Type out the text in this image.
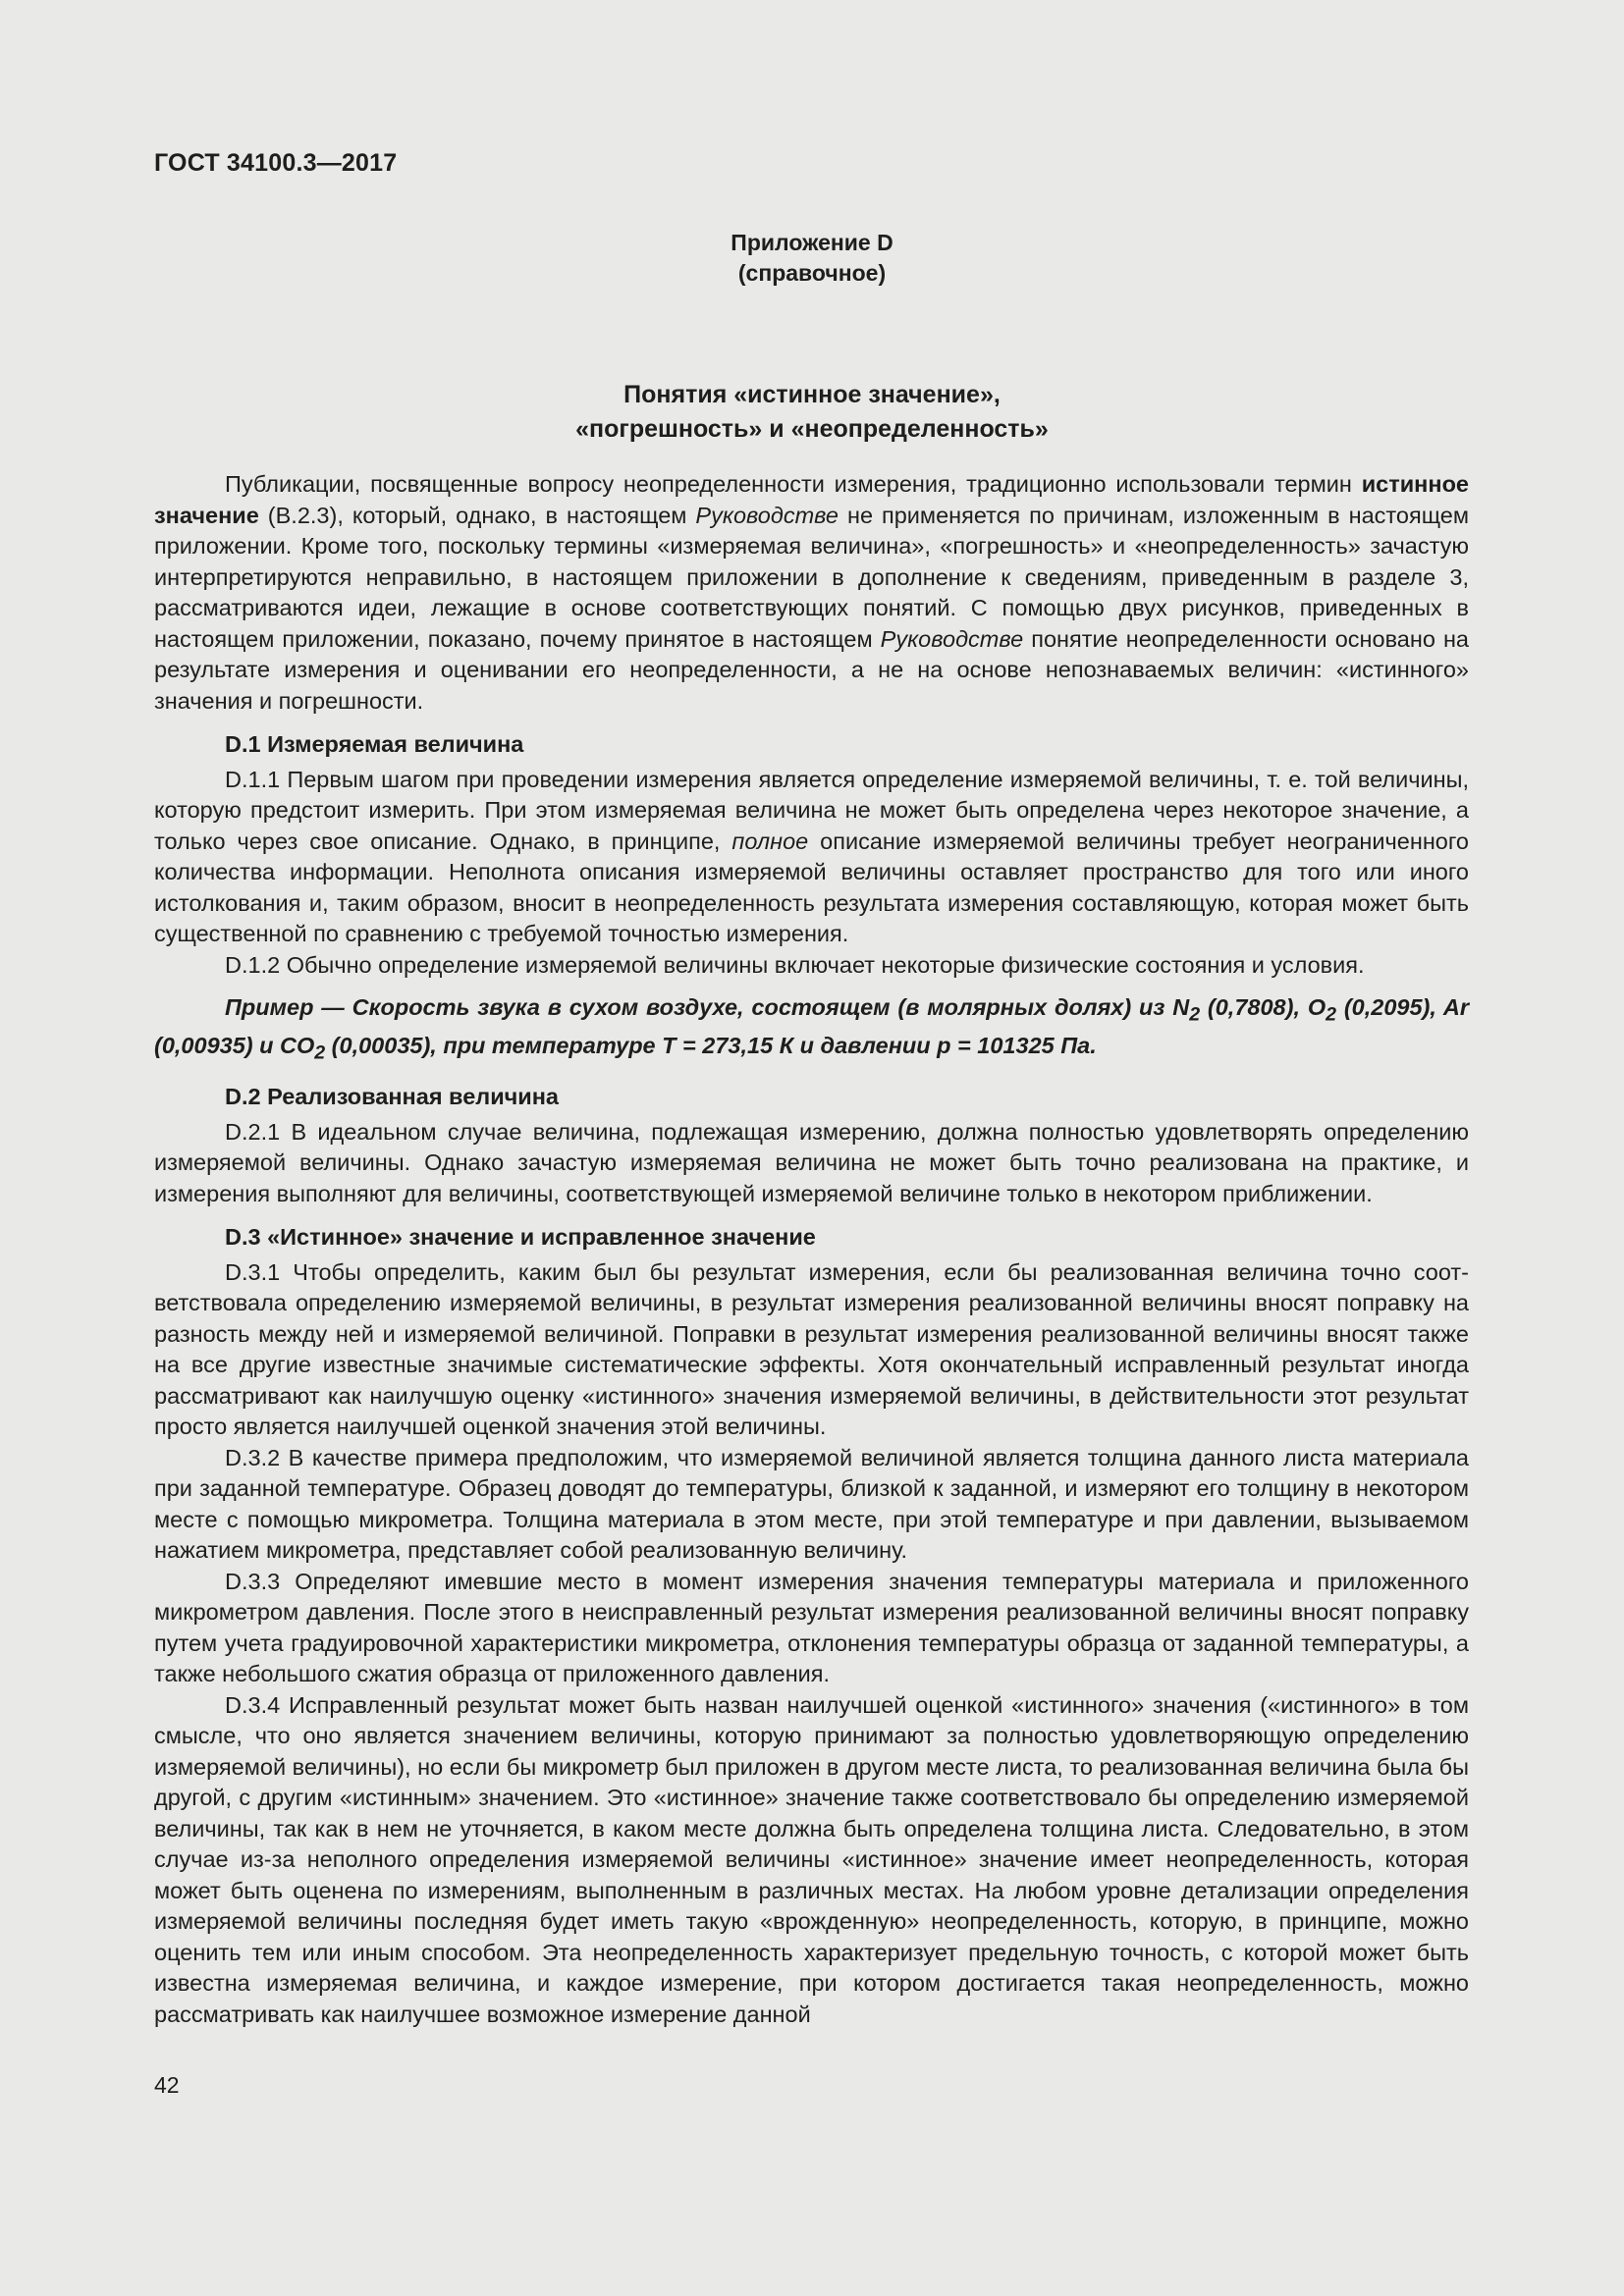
ГОСТ 34100.3—2017
Приложение D
(справочное)
Понятия «истинное значение»,
«погрешность» и «неопределенность»

Публикации, посвященные вопросу неопределенности измерения, традиционно использовали термин истинное значение (В.2.3), который, однако, в настоящем Руководстве не применяется по причинам, изложенным в настоящем приложении. Кроме того, поскольку термины «измеряемая величина», «погрешность» и «неопределенность» зачастую интерпретируются неправильно, в настоящем приложении в дополнение к сведениям, приведенным в разделе 3, рассматриваются идеи, лежащие в основе соответствующих понятий. С помощью двух рисунков, приведенных в настоящем приложении, показано, почему принятое в настоящем Руководстве понятие неопределенности основано на результате измерения и оценивании его неопределенности, а не на основе непознаваемых величин: «истинного» значения и погрешности.

D.1 Измеряемая величина

D.1.1 Первым шагом при проведении измерения является определение измеряемой величины, т. е. той величины, которую предстоит измерить. При этом измеряемая величина не может быть определена через некоторое значение, а только через свое описание. Однако, в принципе, полное описание измеряемой величины требует неограниченного количества информации. Неполнота описания измеряемой величины оставляет пространство для того или иного истолкования и, таким образом, вносит в неопределенность результата измерения составляющую, которая может быть существенной по сравнению с требуемой точностью измерения.

D.1.2 Обычно определение измеряемой величины включает некоторые физические состояния и условия.

Пример — Скорость звука в сухом воздухе, состоящем (в молярных долях) из $N_2$ (0,7808), $O_2$ (0,2095), Ar (0,00935) и $CO_2$ (0,00035), при температуре T = 273,15 К и давлении p = 101325 Па.

D.2 Реализованная величина

D.2.1 В идеальном случае величина, подлежащая измерению, должна полностью удовлетворять определению измеряемой величины. Однако зачастую измеряемая величина не может быть точно реализована на практике, и измерения выполняют для величины, соответствующей измеряемой величине только в некотором приближении.

D.3 «Истинное» значение и исправленное значение

D.3.1 Чтобы определить, каким был бы результат измерения, если бы реализованная величина точно соответствовала определению измеряемой величины, в результат измерения реализованной величины вносят поправку на разность между ней и измеряемой величиной. Поправки в результат измерения реализованной величины вносят также на все другие известные значимые систематические эффекты. Хотя окончательный исправленный результат иногда рассматривают как наилучшую оценку «истинного» значения измеряемой величины, в действительности этот результат просто является наилучшей оценкой значения этой величины.

D.3.2 В качестве примера предположим, что измеряемой величиной является толщина данного листа материала при заданной температуре. Образец доводят до температуры, близкой к заданной, и измеряют его толщину в некотором месте с помощью микрометра. Толщина материала в этом месте, при этой температуре и при давлении, вызываемом нажатием микрометра, представляет собой реализованную величину.

D.3.3 Определяют имевшие место в момент измерения значения температуры материала и приложенного микрометром давления. После этого в неисправленный результат измерения реализованной величины вносят поправку путем учета градуировочной характеристики микрометра, отклонения температуры образца от заданной температуры, а также небольшого сжатия образца от приложенного давления.

D.3.4 Исправленный результат может быть назван наилучшей оценкой «истинного» значения («истинного» в том смысле, что оно является значением величины, которую принимают за полностью удовлетворяющую определению измеряемой величины), но если бы микрометр был приложен в другом месте листа, то реализованная величина была бы другой, с другим «истинным» значением. Это «истинное» значение также соответствовало бы определению измеряемой величины, так как в нем не уточняется, в каком месте должна быть определена толщина листа. Следовательно, в этом случае из-за неполного определения измеряемой величины «истинное» значение имеет неопределенность, которая может быть оценена по измерениям, выполненным в различных местах. На любом уровне детализации определения измеряемой величины последняя будет иметь такую «врожденную» неопределенность, которую, в принципе, можно оценить тем или иным способом. Эта неопределенность характеризует предельную точность, с которой может быть известна измеряемая величина, и каждое измерение, при котором достигается такая неопределенность, можно рассматривать как наилучшее возможное измерение данной

42
